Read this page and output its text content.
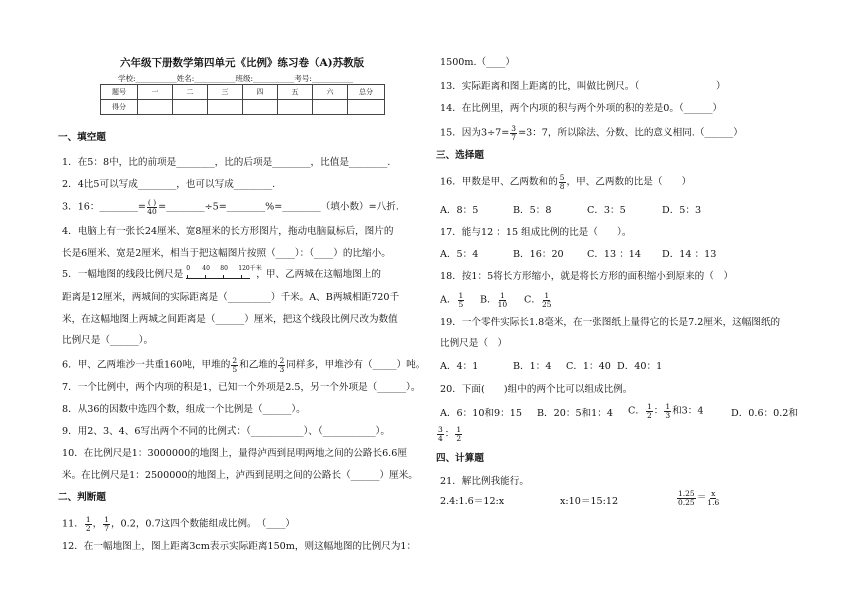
六年级下册数学第四单元《比例》练习卷（A)苏教版
学校:___________姓名:___________班级:___________考号:___________
题号	一	二	三	四	五	六	总分
得分							
一、填空题
1．在5：8中，比的前项是________，比的后项是________，比值是________.
2．4比5可以写成________，也可以写成________.
3．16：________= $\frac{( )}{40}$ =________÷5=________%=________（填小数）=八折.
4．电脑上有一张长24厘米、宽8厘米的长方形图片，拖动电脑鼠标后，图片的
长是6厘米、宽是2厘米，相当于把这幅图片按照（____）：（____）的比缩小。
5．一幅地图的线段比例尺是
0 40 80 120千米
，甲、乙两城在这幅地图上的
距离是12厘米，两城间的实际距离是（_________）千米。A、B两城相距720千
米，在这幅地图上两城之间距离是（______）厘米，把这个线段比例尺改为数值
比例尺是（______）。
6．甲、乙两堆沙一共重160吨，甲堆的 $\frac{2}{5}$ 和乙堆的 $\frac{2}{3}$ 同样多，甲堆沙有（_____）吨。
7．一个比例中，两个内项的积是1，已知一个外项是2.5，另一个外项是（______）。
8．从36的因数中选四个数，组成一个比例是（______）。
9．用2、3、4、6写出两个不同的比例式：（___________）、（___________）。
10．在比例尺是1：3000000的地图上，量得泸西到昆明两地之间的公路长6.6厘
米。在比例尺是1：2500000的地图上，泸西到昆明之间的公路长（______）厘米。
二、判断题
11． $\frac{1}{2}$ ， $\frac{1}{7}$ ，0.2，0.7这四个数能组成比例。　（____）
12．在一幅地图上，图上距离3cm表示实际距离150m，则这幅地图的比例尺为1：
1500m.（____）
13．实际距离和图上距离的比，叫做比例尺。（　　　　　　　　）
14．在比例里，两个内项的积与两个外项的积的差是0。（______）
15．因为$3\div 7= \frac{3}{7} =3$：7，所以除法、分数、比的意义相同.（______）
三、选择题
16．甲数是甲、乙两数和的 $\frac{5}{8}$ ，甲、乙两数的比是（　　）
A．8：5	B．5：8	C．3：5	D．5：3
17．能与12 ：15 组成比例的比是（　　）。
A．5：4	B．16：20 C．13 ：14 D．14 ：13
18．按1：5将长方形缩小，就是将长方形的面积缩小到原来的（　）
A． $\frac{1}{5}$ B． $\frac{1}{10}$ C． $\frac{1}{25}$
19．一个零件实际长1.8毫米，在一张图纸上量得它的长是7.2厘米，这幅图纸的
比例尺是（　）
A．4：1	B．1：4 C．1：40 D．40：1
20．下面(　　)组中的两个比可以组成比例。
A．6：10和9：15 B．20：5和1：4 C． $\frac{1}{2}$ ： $\frac{1}{3}$ 和3：4	D．0.6：0.2和
$\frac{3}{4}$ ： $\frac{1}{2}$
四、计算题
21．解比例我能行。
2.4:1.6＝12:x	x:10＝15:12	$\frac{1.25}{0.25} = \frac{x}{1.6}$
